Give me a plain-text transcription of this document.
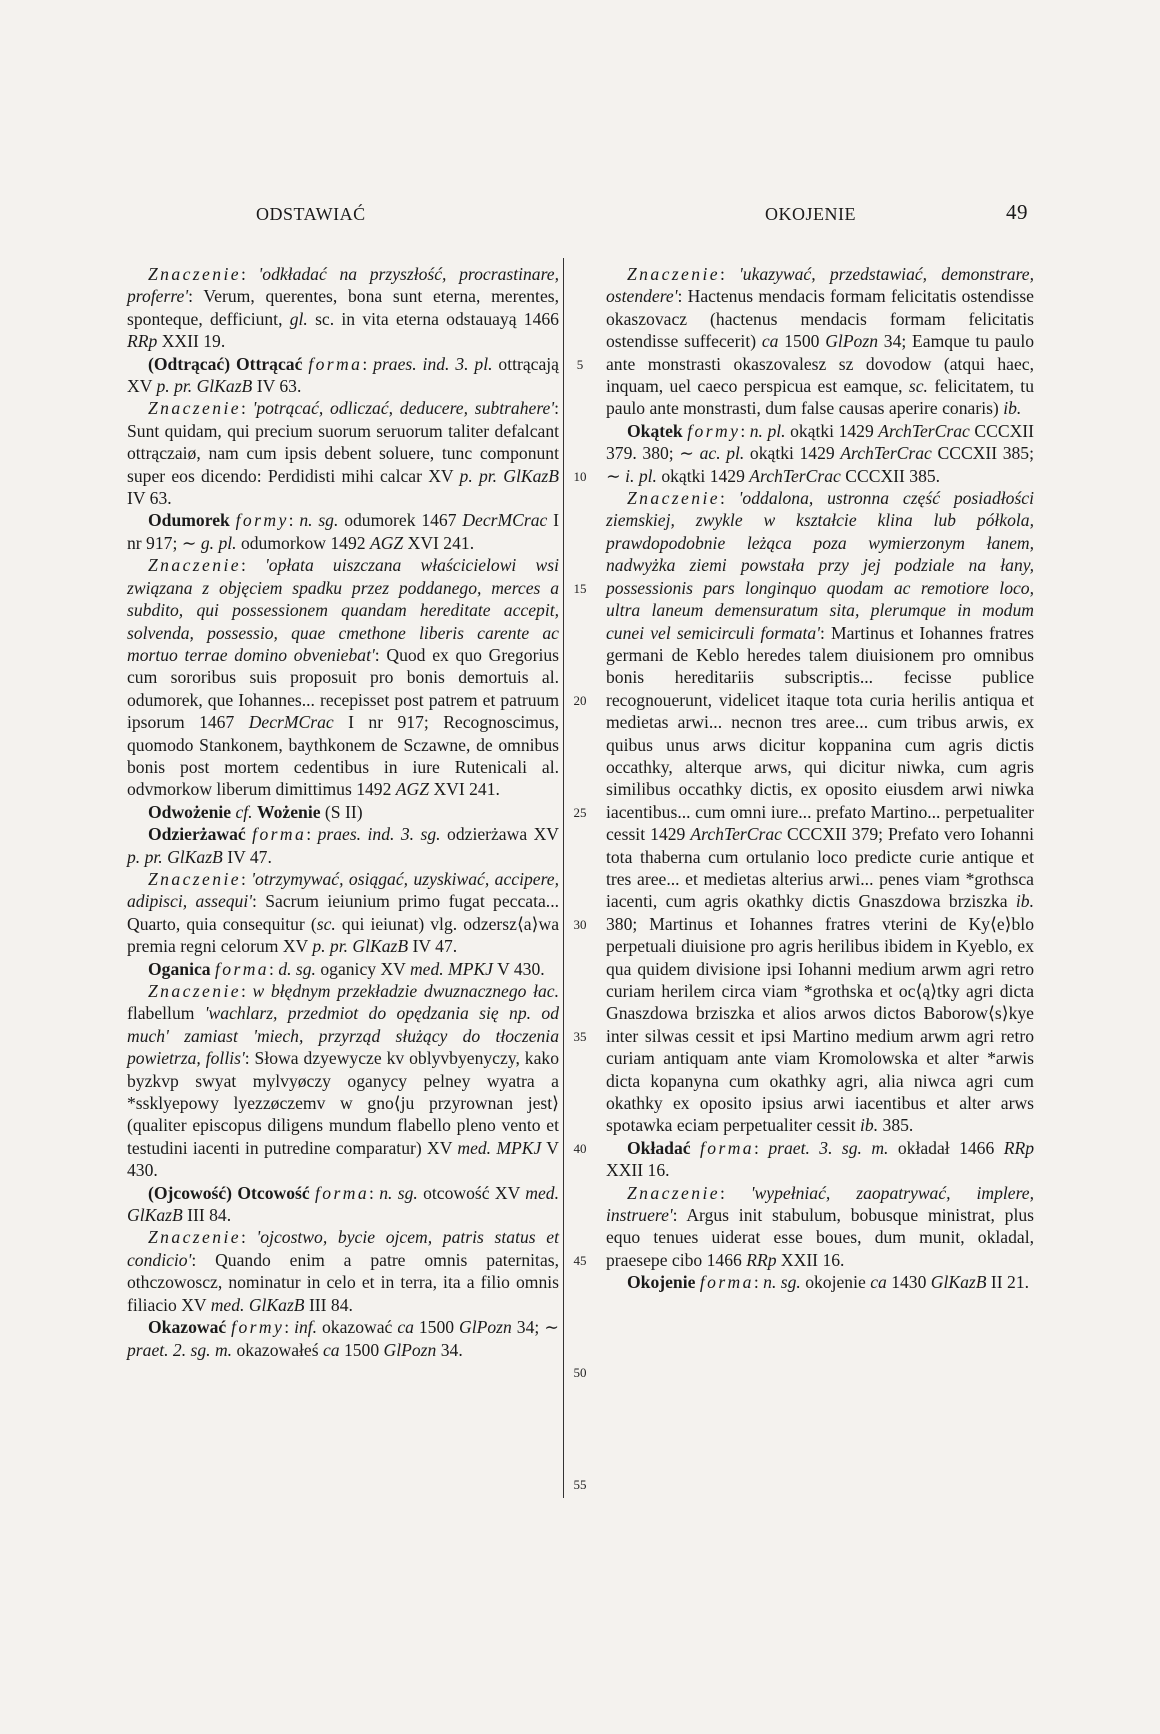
ODSTAWIAĆ	OKOJENIE	49

Znaczenie: 'odkładać na przyszłość, procrastinare, proferre': Verum, querentes, bona sunt eterna, merentes, sponteque, defficiunt, gl. sc. in vita eterna odstauayą 1466 RRp XXII 19.

(Odtrącać) Ottrącać forma: praes. ind. 3. pl. ottrącają XV p. pr. GlKazB IV 63.

Znaczenie: 'potrącać, odliczać, deducere, subtrahere': Sunt quidam, qui precium suorum seruorum taliter defalcant ottrączaiø, nam cum ipsis debent soluere, tunc componunt super eos dicendo: Perdidisti mihi calcar XV p. pr. GlKazB IV 63.

Odumorek formy: n. sg. odumorek 1467 DecrMCrac I nr 917; ∼ g. pl. odumorkow 1492 AGZ XVI 241.

Znaczenie: 'opłata uiszczana właścicielowi wsi związana z objęciem spadku przez poddanego, merces a subdito, qui possessionem quandam hereditate accepit, solvenda, possessio, quae cmethone liberis carente ac mortuo terrae domino obveniebat': Quod ex quo Gregorius cum sororibus suis proposuit pro bonis demortuis al. odumorek, que Iohannes... recepisset post patrem et patruum ipsorum 1467 DecrMCrac I nr 917; Recognoscimus, quomodo Stankonem, baythkonem de Sczawne, de omnibus bonis post mortem cedentibus in iure Rutenicali al. odvmorkow liberum dimittimus 1492 AGZ XVI 241.

Odwożenie cf. Wożenie (S II)

Odzierżawać forma: praes. ind. 3. sg. odzierżawa XV p. pr. GlKazB IV 47.

Znaczenie: 'otrzymywać, osiągać, uzyskiwać, accipere, adipisci, assequi': Sacrum ieiunium primo fugat peccata... Quarto, quia consequitur (sc. qui ieiunat) vlg. odzersz⟨a⟩wa premia regni celorum XV p. pr. GlKazB IV 47.

Oganica forma: d. sg. oganicy XV med. MPKJ V 430.

Znaczenie: w błędnym przekładzie dwuznacznego łac. flabellum 'wachlarz, przedmiot do opędzania się np. od much' zamiast 'miech, przyrząd służący do tłoczenia powietrza, follis': Słowa dzyewycze kv oblyvbyenyczy, kako byzkvp swyat mylvyøczy oganycy pelney wyatra a *ssklyepowy lyezzøczemv w gno⟨ju przyrownan jest⟩ (qualiter episcopus diligens mundum flabello pleno vento et testudini iacenti in putredine comparatur) XV med. MPKJ V 430.

(Ojcowość) Otcowość forma: n. sg. otcowość XV med. GlKazB III 84.

Znaczenie: 'ojcostwo, bycie ojcem, patris status et condicio': Quando enim a patre omnis paternitas, othczowoscz, nominatur in celo et in terra, ita a filio omnis filiacio XV med. GlKazB III 84.

Okazować formy: inf. okazować ca 1500 GlPozn 34; ∼ praet. 2. sg. m. okazowałeś ca 1500 GlPozn 34.

5
10
15
20
25
30
35
40
45
50
55

Znaczenie: 'ukazywać, przedstawiać, demonstrare, ostendere': Hactenus mendacis formam felicitatis ostendisse okaszovacz (hactenus mendacis formam felicitatis ostendisse suffecerit) ca 1500 GlPozn 34; Eamque tu paulo ante monstrasti okaszovalesz sz dovodow (atqui haec, inquam, uel caeco perspicua est eamque, sc. felicitatem, tu paulo ante monstrasti, dum false causas aperire conaris) ib.

Okątek formy: n. pl. okątki 1429 ArchTerCrac CCCXII 379. 380; ∼ ac. pl. okątki 1429 ArchTerCrac CCCXII 385; ∼ i. pl. okątki 1429 ArchTerCrac CCCXII 385.

Znaczenie: 'oddalona, ustronna część posiadłości ziemskiej, zwykle w kształcie klina lub półkola, prawdopodobnie leżąca poza wymierzonym łanem, nadwyżka ziemi powstała przy jej podziale na łany, possessionis pars longinquo quodam ac remotiore loco, ultra laneum demensuratum sita, plerumque in modum cunei vel semicirculi formata': Martinus et Iohannes fratres germani de Keblo heredes talem diuisionem pro omnibus bonis hereditariis subscriptis... fecisse publice recognouerunt, videlicet itaque tota curia herilis antiqua et medietas arwi... necnon tres aree... cum tribus arwis, ex quibus unus arws dicitur koppanina cum agris dictis occathky, alterque arws, qui dicitur niwka, cum agris similibus occathky dictis, ex oposito eiusdem arwi niwka iacentibus... cum omni iure... prefato Martino... perpetualiter cessit 1429 ArchTerCrac CCCXII 379; Prefato vero Iohanni tota thaberna cum ortulanio loco predicte curie antique et tres aree... et medietas alterius arwi... penes viam *grothsca iacenti, cum agris okathky dictis Gnaszdowa brziszka ib. 380; Martinus et Iohannes fratres vterini de Ky⟨e⟩blo perpetuali diuisione pro agris herilibus ibidem in Kyeblo, ex qua quidem divisione ipsi Iohanni medium arwm agri retro curiam herilem circa viam *grothska et oc⟨ą⟩tky agri dicta Gnaszdowa brziszka et alios arwos dictos Baborow⟨s⟩kye inter silwas cessit et ipsi Martino medium arwm agri retro curiam antiquam ante viam Kromolowska et alter *arwis dicta kopanyna cum okathky agri, alia niwca agri cum okathky ex oposito ipsius arwi iacentibus et alter arws spotawka eciam perpetualiter cessit ib. 385.

Okładać forma: praet. 3. sg. m. okładał 1466 RRp XXII 16.

Znaczenie: 'wypełniać, zaopatrywać, implere, instruere': Argus init stabulum, bobusque ministrat, plus equo tenues uiderat esse boues, dum munit, okladal, praesepe cibo 1466 RRp XXII 16.

Okojenie forma: n. sg. okojenie ca 1430 GlKazB II 21.
